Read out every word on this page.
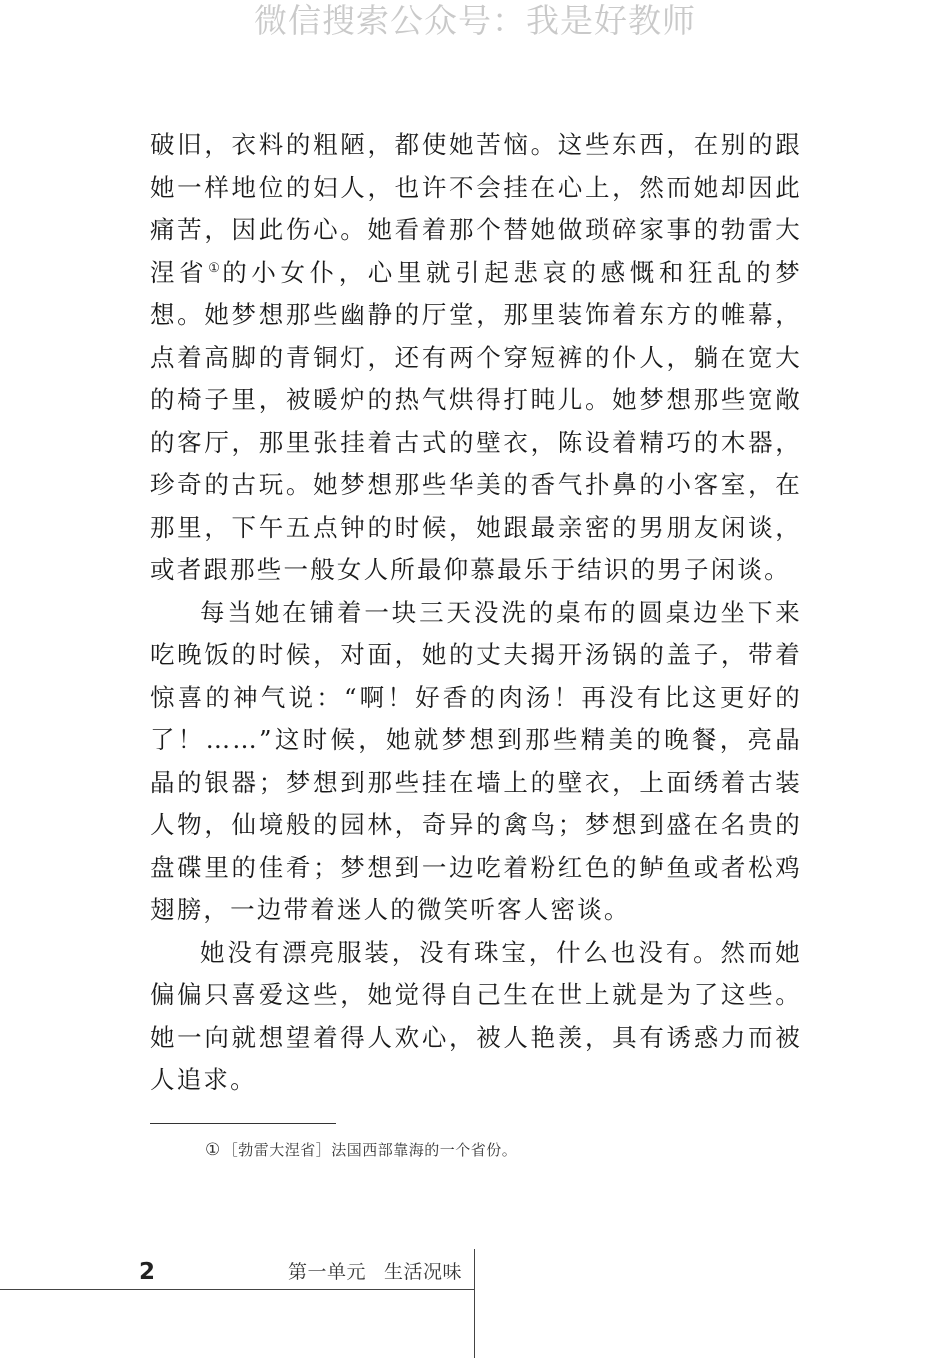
微信搜索公众号：我是好教师

破旧，衣料的粗陋，都使她苦恼。这些东西，在别的跟她一样地位的妇人，也许不会挂在心上，然而她却因此痛苦，因此伤心。她看着那个替她做琐碎家事的勃雷大涅省①的小女仆，心里就引起悲哀的感慨和狂乱的梦想。她梦想那些幽静的厅堂，那里装饰着东方的帷幕，点着高脚的青铜灯，还有两个穿短裤的仆人，躺在宽大的椅子里，被暖炉的热气烘得打盹儿。她梦想那些宽敞的客厅，那里张挂着古式的壁衣，陈设着精巧的木器，珍奇的古玩。她梦想那些华美的香气扑鼻的小客室，在那里，下午五点钟的时候，她跟最亲密的男朋友闲谈，或者跟那些一般女人所最仰慕最乐于结识的男子闲谈。

每当她在铺着一块三天没洗的桌布的圆桌边坐下来吃晚饭的时候，对面，她的丈夫揭开汤锅的盖子，带着惊喜的神气说：“啊！好香的肉汤！再没有比这更好的了！……”这时候，她就梦想到那些精美的晚餐，亮晶晶的银器；梦想到那些挂在墙上的壁衣，上面绣着古装人物，仙境般的园林，奇异的禽鸟；梦想到盛在名贵的盘碟里的佳肴；梦想到一边吃着粉红色的鲈鱼或者松鸡翅膀，一边带着迷人的微笑听客人密谈。

她没有漂亮服装，没有珠宝，什么也没有。然而她偏偏只喜爱这些，她觉得自己生在世上就是为了这些。她一向就想望着得人欢心，被人艳羡，具有诱惑力而被人追求。

① ［勃雷大涅省］法国西部靠海的一个省份。
2	第一单元 生活况味
